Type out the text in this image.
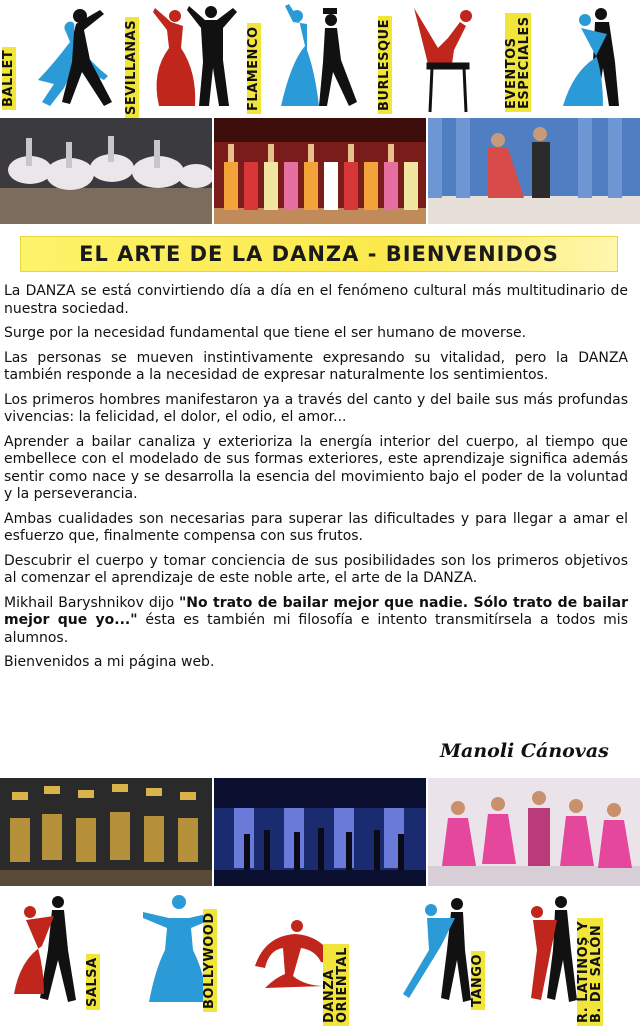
BALLET	SEVILLANAS	FLAMENCO	BURLESQUE	EVENTOS
ESPECIALES
EL ARTE DE LA DANZA - BIENVENIDOS

La DANZA se está convirtiendo día a día en el fenómeno cultural más multitudinario de nuestra sociedad.

Surge por la necesidad fundamental que tiene el ser humano de moverse.

Las personas se mueven instintivamente expresando su vitalidad, pero la DANZA también responde a la necesidad de expresar naturalmente los sentimientos.

Los primeros hombres manifestaron ya a través del canto y del baile sus más profundas vivencias: la felicidad, el dolor, el odio, el amor...

Aprender a bailar canaliza y exterioriza la energía interior del cuerpo, al tiempo que embellece con el modelado de sus formas exteriores, este aprendizaje significa además sentir como nace y se desarrolla la esencia del movimiento bajo el poder de la voluntad y la perseverancia.

Ambas cualidades son necesarias para superar las dificultades y para llegar a amar el esfuerzo que, finalmente compensa con sus frutos.

Descubrir el cuerpo y tomar conciencia de sus posibilidades son los primeros objetivos al comenzar el aprendizaje de este noble arte, el arte de la DANZA.

Mikhail Baryshnikov dijo "No trato de bailar mejor que nadie. Sólo trato de bailar mejor que yo..." ésta es también mi filosofía e intento transmitírsela a todos mis alumnos.

Bienvenidos a mi página web.

Manoli Cánovas
SALSA	BOLLYWOOD	DANZA
ORIENTAL	TANGO
R. LATINOS Y
B. DE SALÓN
